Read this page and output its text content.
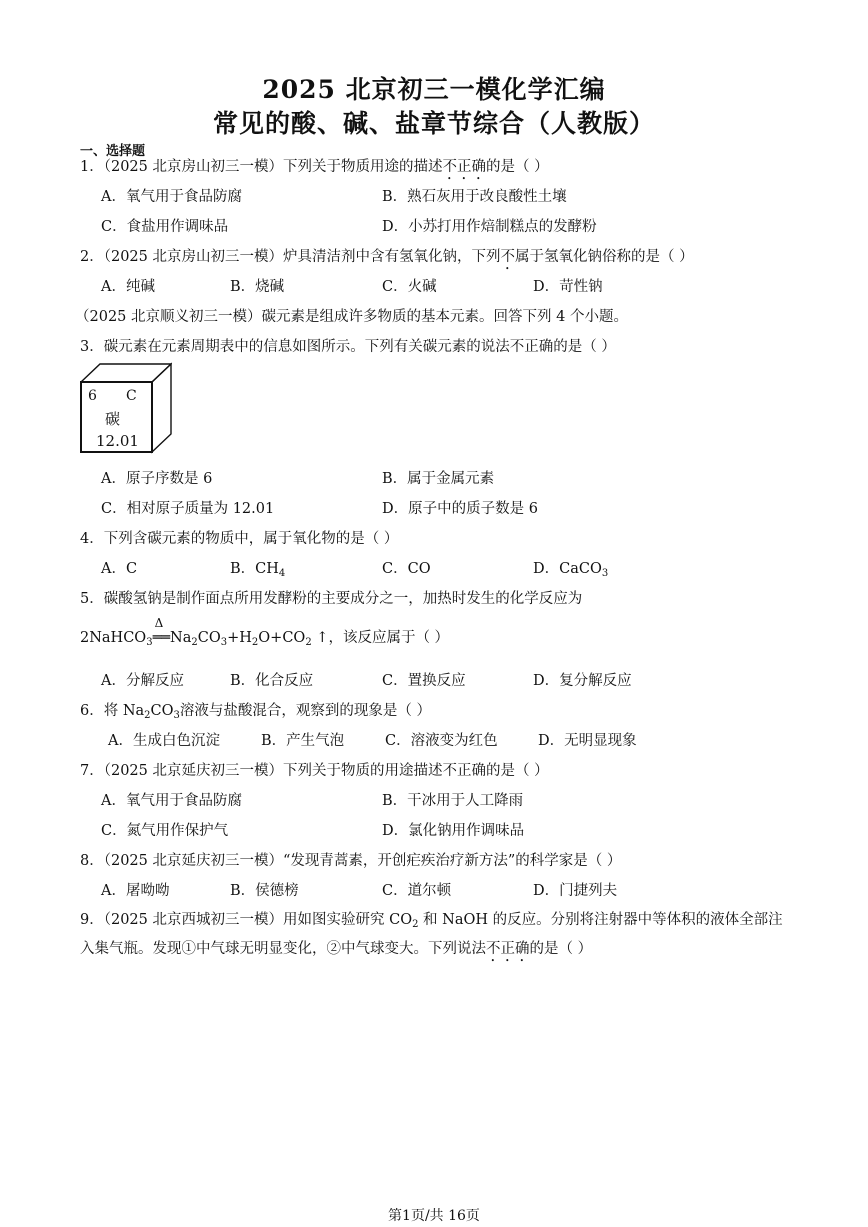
2025 北京初三一模化学汇编
常见的酸、碱、盐章节综合（人教版）
一、选择题
1．（2025 北京房山初三一模）下列关于物质用途的描述不正确的是（ ）
A．氧气用于食品防腐	B．熟石灰用于改良酸性土壤
C．食盐用作调味品	D．小苏打用作焙制糕点的发酵粉
2．（2025 北京房山初三一模）炉具清洁剂中含有氢氧化钠，下列不属于氢氧化钠俗称的是（ ）
A．纯碱	B．烧碱	C．火碱	D．苛性钠
（2025 北京顺义初三一模）碳元素是组成许多物质的基本元素。回答下列 4 个小题。
3．碳元素在元素周期表中的信息如图所示。下列有关碳元素的说法不正确的是（ ）
6 C
碳
12.01
A．原子序数是 6	B．属于金属元素
C．相对原子质量为 12.01	D．原子中的质子数是 6
4．下列含碳元素的物质中，属于氧化物的是（ ）
A．C	B．$CH_4$	C．CO	D．CaCO$_3$
5．碳酸氢钠是制作面点所用发酵粉的主要成分之一，加热时发生的化学反应为
2NaHCO$_3$
Δ
$══Na_2CO_3+H_2O+CO_2$ ↑，该反应属于（ ）
A．分解反应	B．化合反应	C．置换反应	D．复分解反应
6．将 $Na_2CO_3$溶液与盐酸混合，观察到的现象是（ ）
A．生成白色沉淀	B．产生气泡	C．溶液变为红色	D．无明显现象
7．（2025 北京延庆初三一模）下列关于物质的用途描述不正确的是（ ）
A．氧气用于食品防腐	B．干冰用于人工降雨
C．氮气用作保护气	D．氯化钠用作调味品
8．（2025 北京延庆初三一模）“发现青蒿素，开创疟疾治疗新方法”的科学家是（ ）
A．屠呦呦	B．侯德榜	C．道尔顿	D．门捷列夫
9．（2025 北京西城初三一模）用如图实验研究 $CO_2$ 和 NaOH 的反应。分别将注射器中等体积的液体全部注
入集气瓶。发现①中气球无明显变化，②中气球变大。下列说法不正确的是（ ）
第1页/共 16页
